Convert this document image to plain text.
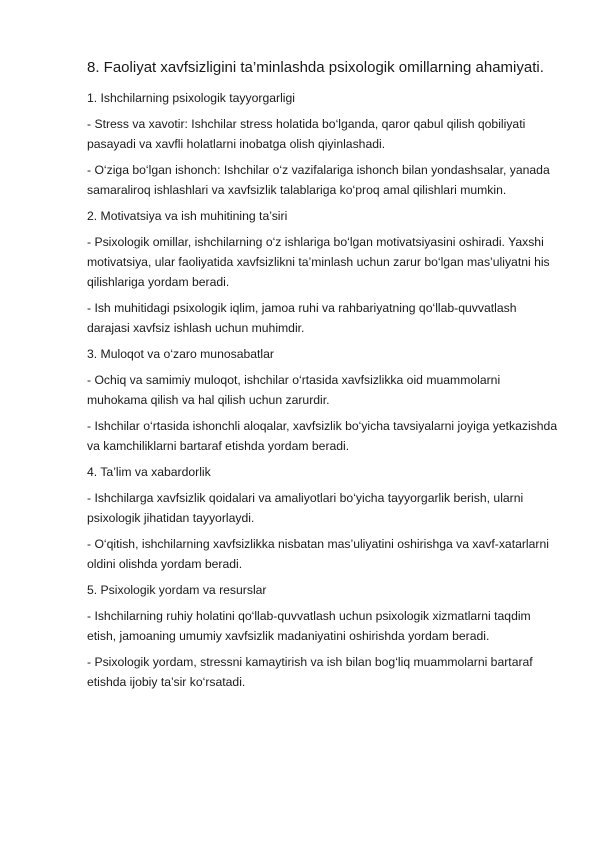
8. Faoliyat xavfsizligini ta’minlashda psixologik omillarning ahamiyati.

1. Ishchilarning psixologik tayyorgarligi

- Stress va xavotir: Ishchilar stress holatida bo‘lganda, qaror qabul qilish qobiliyati pasayadi va xavfli holatlarni inobatga olish qiyinlashadi.

- O‘ziga bo‘lgan ishonch: Ishchilar o‘z vazifalariga ishonch bilan yondashsalar, yanada samaraliroq ishlashlari va xavfsizlik talablariga ko‘proq amal qilishlari mumkin.

2. Motivatsiya va ish muhitining ta’siri

- Psixologik omillar, ishchilarning o‘z ishlariga bo‘lgan motivatsiyasini oshiradi. Yaxshi motivatsiya, ular faoliyatida xavfsizlikni ta’minlash uchun zarur bo‘lgan mas’uliyatni his qilishlariga yordam beradi.

- Ish muhitidagi psixologik iqlim, jamoa ruhi va rahbariyatning qo‘llab-quvvatlash darajasi xavfsiz ishlash uchun muhimdir.

3. Muloqot va o‘zaro munosabatlar

- Ochiq va samimiy muloqot, ishchilar o‘rtasida xavfsizlikka oid muammolarni muhokama qilish va hal qilish uchun zarurdir.

- Ishchilar o‘rtasida ishonchli aloqalar, xavfsizlik bo‘yicha tavsiyalarni joyiga yetkazishda va kamchiliklarni bartaraf etishda yordam beradi.

4. Ta’lim va xabardorlik

- Ishchilarga xavfsizlik qoidalari va amaliyotlari bo‘yicha tayyorgarlik berish, ularni psixologik jihatidan tayyorlaydi.

- O‘qitish, ishchilarning xavfsizlikka nisbatan mas’uliyatini oshirishga va xavf-xatarlarni oldini olishda yordam beradi.

5. Psixologik yordam va resurslar

- Ishchilarning ruhiy holatini qo‘llab-quvvatlash uchun psixologik xizmatlarni taqdim etish, jamoaning umumiy xavfsizlik madaniyatini oshirishda yordam beradi.

- Psixologik yordam, stressni kamaytirish va ish bilan bog‘liq muammolarni bartaraf etishda ijobiy ta’sir ko‘rsatadi.
